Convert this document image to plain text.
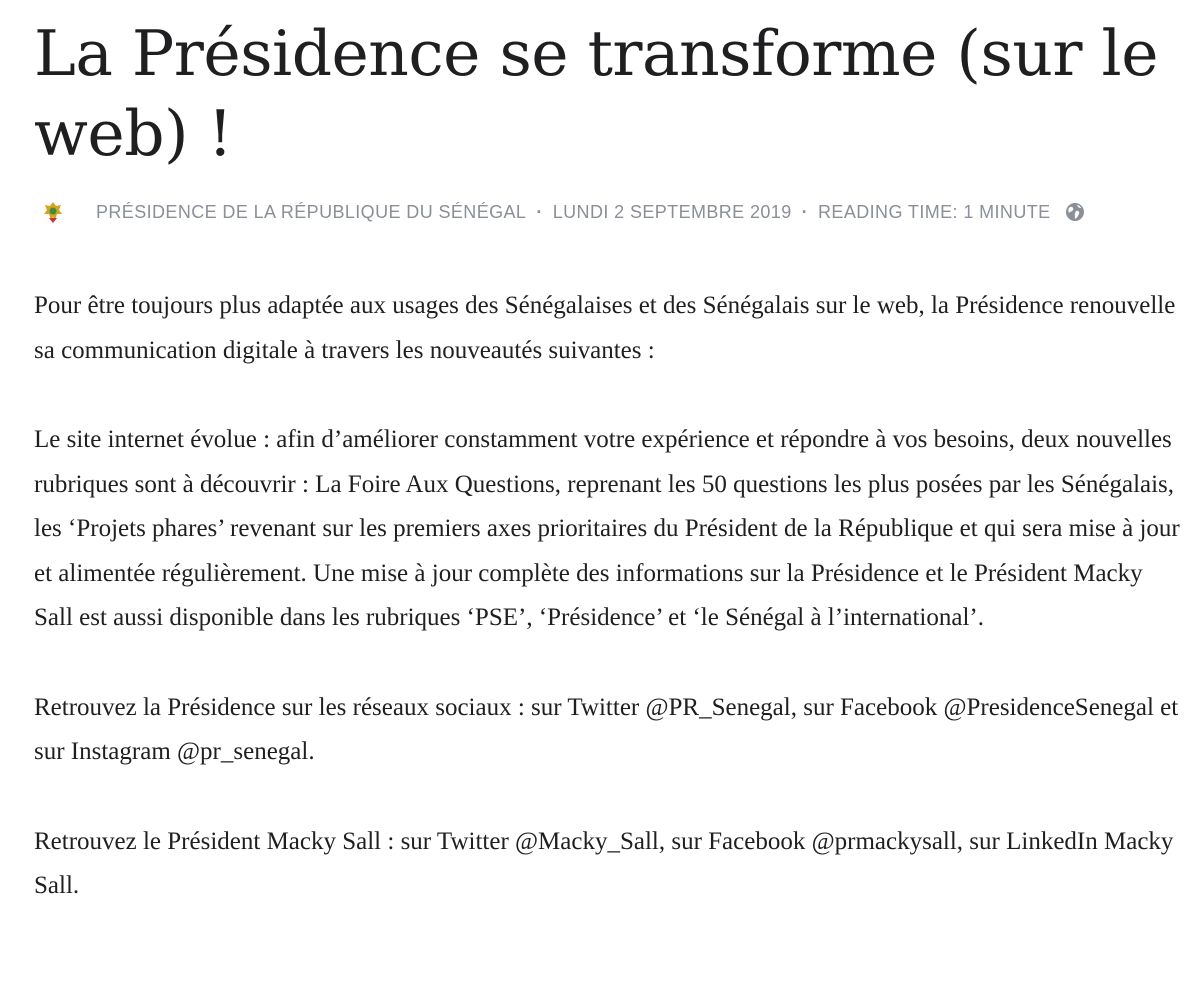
La Présidence se transforme (sur le web) !
PRÉSIDENCE DE LA RÉPUBLIQUE DU SÉNÉGAL · LUNDI 2 SEPTEMBRE 2019 · READING TIME: 1 MINUTE

Pour être toujours plus adaptée aux usages des Sénégalaises et des Sénégalais sur le web, la Présidence renouvelle sa communication digitale à travers les nouveautés suivantes :

Le site internet évolue : afin d’améliorer constamment votre expérience et répondre à vos besoins, deux nouvelles rubriques sont à découvrir : La Foire Aux Questions, reprenant les 50 questions les plus posées par les Sénégalais, les ‘Projets phares’ revenant sur les premiers axes prioritaires du Président de la République et qui sera mise à jour et alimentée régulièrement. Une mise à jour complète des informations sur la Présidence et le Président Macky Sall est aussi disponible dans les rubriques ‘PSE’, ‘Présidence’ et ‘le Sénégal à l’international’.

Retrouvez la Présidence sur les réseaux sociaux : sur Twitter @PR_Senegal, sur Facebook @PresidenceSenegal et sur Instagram @pr_senegal.

Retrouvez le Président Macky Sall : sur Twitter @Macky_Sall, sur Facebook @prmackysall, sur LinkedIn Macky Sall.
